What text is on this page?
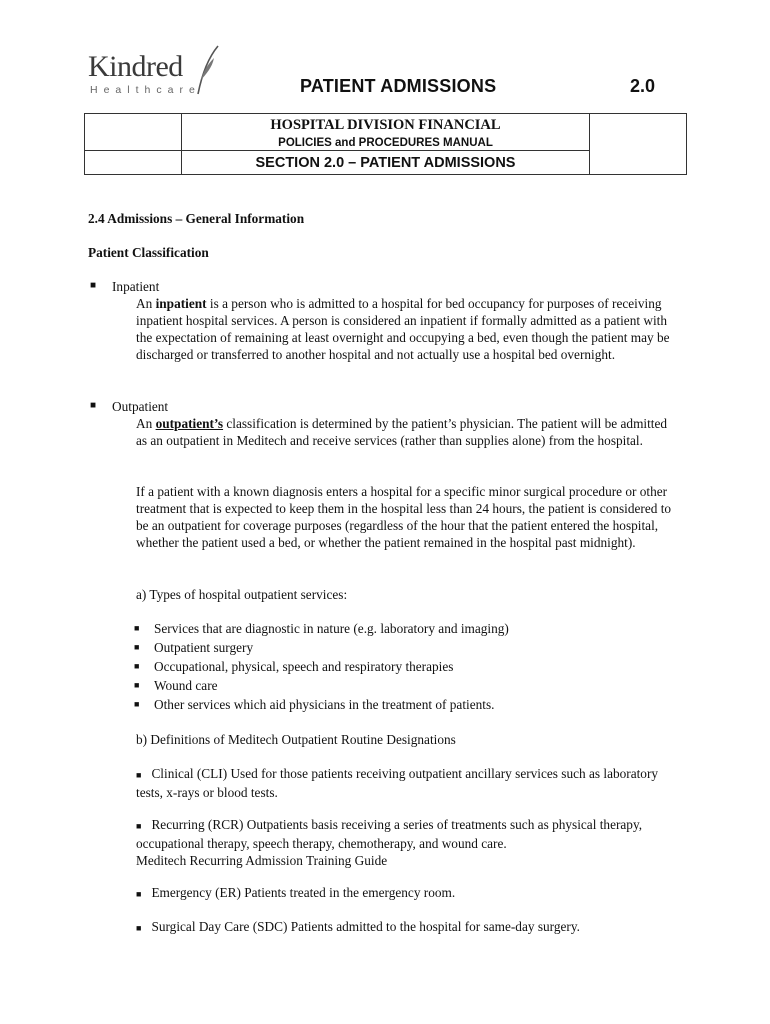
Kindred
Healthcare	PATIENT ADMISSIONS	2.0

	HOSPITAL DIVISION FINANCIAL
POLICIES and PROCEDURES MANUAL	

	SECTION 2.0 – PATIENT ADMISSIONS	
2.4 Admissions – General Information
Patient Classification
■ Inpatient
An inpatient is a person who is admitted to a hospital for bed occupancy for purposes of receiving inpatient hospital services. A person is considered an inpatient if formally admitted as a patient with the expectation of remaining at least overnight and occupying a bed, even though the patient may be discharged or transferred to another hospital and not actually use a hospital bed overnight.
■ Outpatient
An outpatient’s classification is determined by the patient’s physician. The patient will be admitted as an outpatient in Meditech and receive services (rather than supplies alone) from the hospital.
If a patient with a known diagnosis enters a hospital for a specific minor surgical procedure or other treatment that is expected to keep them in the hospital less than 24 hours, the patient is considered to be an outpatient for coverage purposes (regardless of the hour that the patient entered the hospital, whether the patient used a bed, or whether the patient remained in the hospital past midnight).
a) Types of hospital outpatient services:
■ Services that are diagnostic in nature (e.g. laboratory and imaging)
■ Outpatient surgery
■ Occupational, physical, speech and respiratory therapies
■ Wound care
■ Other services which aid physicians in the treatment of patients.
b) Definitions of Meditech Outpatient Routine Designations
■ Clinical (CLI) Used for those patients receiving outpatient ancillary services such as laboratory tests, x-rays or blood tests.
■ Recurring (RCR) Outpatients basis receiving a series of treatments such as physical therapy, occupational therapy, speech therapy, chemotherapy, and wound care.
Meditech Recurring Admission Training Guide
■ Emergency (ER) Patients treated in the emergency room.
■ Surgical Day Care (SDC) Patients admitted to the hospital for same-day surgery.
